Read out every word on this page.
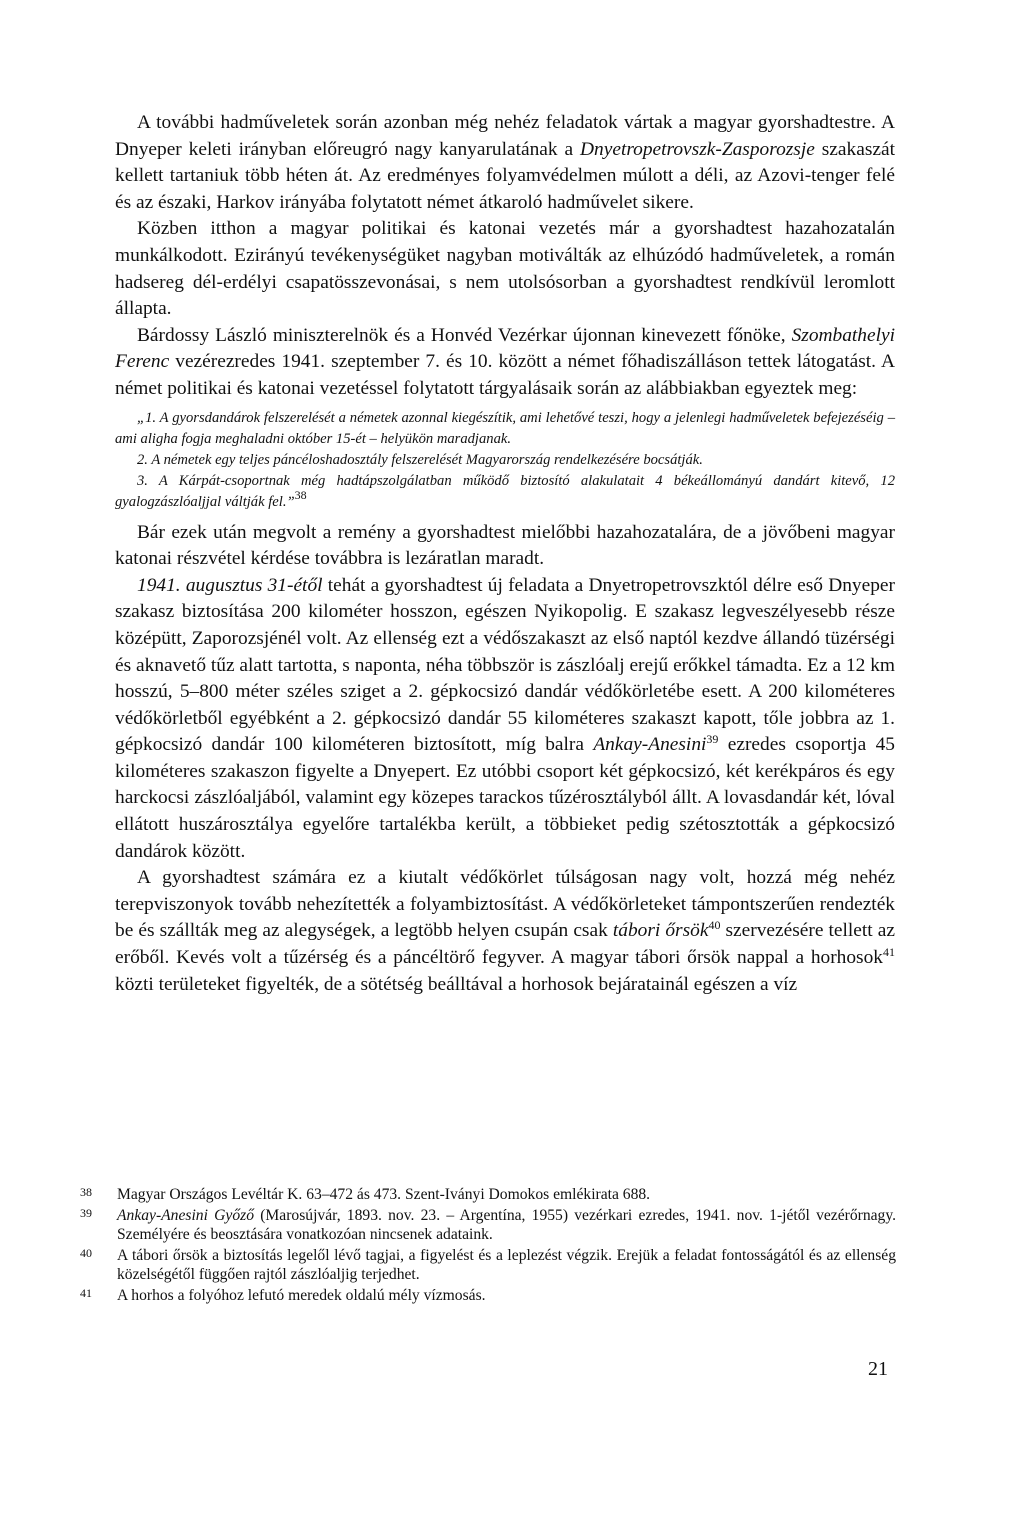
A további hadműveletek során azonban még nehéz feladatok vártak a magyar gyorshadtestre. A Dnyeper keleti irányban előreugró nagy kanyarulatának a Dnyetropetrovszk-Zasporozsje szakaszát kellett tartaniuk több héten át. Az eredményes folyamvédelmen múlott a déli, az Azovi-tenger felé és az északi, Harkov irányába folytatott német átkaroló hadművelet sikere.

Közben itthon a magyar politikai és katonai vezetés már a gyorshadtest hazahozatalán munkálkodott. Ezirányú tevékenységüket nagyban motiválták az elhúzódó hadműveletek, a román hadsereg dél-erdélyi csapatösszevonásai, s nem utolsósorban a gyorshadtest rendkívül leromlott állapta.

Bárdossy László miniszterelnök és a Honvéd Vezérkar újonnan kinevezett főnöke, Szombathelyi Ferenc vezérezredes 1941. szeptember 7. és 10. között a német főhadiszálláson tettek látogatást. A német politikai és katonai vezetéssel folytatott tárgyalásaik során az alábbiakban egyeztek meg:

„1. A gyorsdandárok felszerelését a németek azonnal kiegészítik, ami lehetővé teszi, hogy a jelenlegi hadműveletek befejezéséig – ami aligha fogja meghaladni október 15-ét – helyükön maradjanak.

2. A németek egy teljes páncéloshadosztály felszerelését Magyarország rendelkezésére bocsátják.

3. A Kárpát-csoportnak még hadtápszolgálatban működő biztosító alakulatait 4 békeállományú dandárt kitevő, 12 gyalogzászlóaljjal váltják fel.”$^{38}$

Bár ezek után megvolt a remény a gyorshadtest mielőbbi hazahozatalára, de a jövőbeni magyar katonai részvétel kérdése továbbra is lezáratlan maradt.

1941. augusztus 31-étől tehát a gyorshadtest új feladata a Dnyetropetrovszktól délre eső Dnyeper szakasz biztosítása 200 kilométer hosszon, egészen Nyikopolig. E szakasz legveszélyesebb része középütt, Zaporozsjénél volt. Az ellenség ezt a védőszakaszt az első naptól kezdve állandó tüzérségi és aknavető tűz alatt tartotta, s naponta, néha többször is zászlóalj erejű erőkkel támadta. Ez a 12 km hosszú, 5–800 méter széles sziget a 2. gépkocsizó dandár védőkörletébe esett. A 200 kilométeres védőkörletből egyébként a 2. gépkocsizó dandár 55 kilométeres szakaszt kapott, tőle jobbra az 1. gépkocsizó dandár 100 kilométeren biztosított, míg balra Ankay-Anesini$^{39}$ ezredes csoportja 45 kilométeres szakaszon figyelte a Dnyepert. Ez utóbbi csoport két gépkocsizó, két kerékpáros és egy harckocsi zászlóaljából, valamint egy közepes tarackos tűzérosztályból állt. A lovasdandár két, lóval ellátott huszárosztálya egyelőre tartalékba került, a többieket pedig szétosztották a gépkocsizó dandárok között.

A gyorshadtest számára ez a kiutalt védőkörlet túlságosan nagy volt, hozzá még nehéz terepviszonyok tovább nehezítették a folyambiztosítást. A védőkörleteket támpontszerűen rendezték be és szállták meg az alegységek, a legtöbb helyen csupán csak tábori őrsök$^{40}$ szervezésére tellett az erőből. Kevés volt a tűzérség és a páncéltörő fegyver. A magyar tábori őrsök nappal a horhosok$^{41}$ közti területeket figyelték, de a sötétség beálltával a horhosok bejáratainál egészen a víz

38	Magyar Országos Levéltár K. 63–472 ás 473. Szent-Iványi Domokos emlékirata 688.
39	Ankay-Anesini Győző (Marosújvár, 1893. nov. 23. – Argentína, 1955) vezérkari ezredes, 1941. nov. 1-jétől vezérőrnagy. Személyére és beosztására vonatkozóan nincsenek adataink.
40	A tábori őrsök a biztosítás legelől lévő tagjai, a figyelést és a leplezést végzik. Erejük a feladat fontosságától és az ellenség közelségétől függően rajtól zászlóaljig terjedhet.
41	A horhos a folyóhoz lefutó meredek oldalú mély vízmosás.
21
